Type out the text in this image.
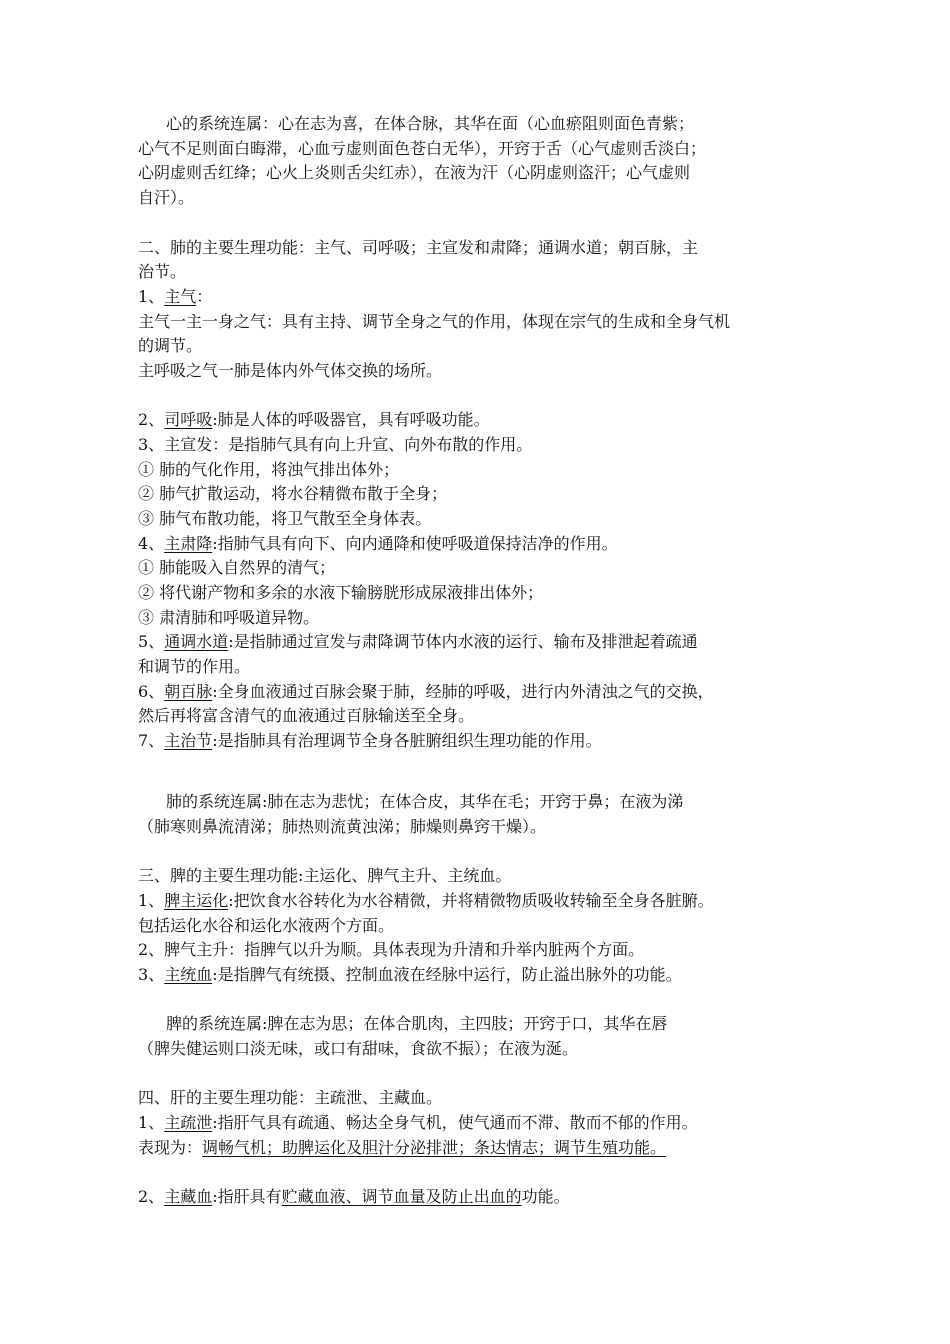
心的系统连属：心在志为喜，在体合脉，其华在面（心血瘀阻则面色青紫；
心气不足则面白晦滞，心血亏虚则面色苍白无华），开窍于舌（心气虚则舌淡白；
心阴虚则舌红绛；心火上炎则舌尖红赤），在液为汗（心阴虚则盗汗；心气虚则
自汗）。
二、肺的主要生理功能：主气、司呼吸；主宣发和肃降；通调水道；朝百脉，主
治节。
1、主气：
主气一主一身之气：具有主持、调节全身之气的作用，体现在宗气的生成和全身气机
的调节。
主呼吸之气一肺是体内外气体交换的场所。
2、司呼吸:肺是人体的呼吸器官，具有呼吸功能。
3、主宣发：是指肺气具有向上升宣、向外布散的作用。
① 肺的气化作用，将浊气排出体外；
② 肺气扩散运动，将水谷精微布散于全身；
③ 肺气布散功能，将卫气散至全身体表。
4、主肃降:指肺气具有向下、向内通降和使呼吸道保持洁净的作用。
① 肺能吸入自然界的清气；
② 将代谢产物和多余的水液下输膀胱形成尿液排出体外；
③ 肃清肺和呼吸道异物。
5、通调水道:是指肺通过宣发与肃降调节体内水液的运行、输布及排泄起着疏通
和调节的作用。
6、朝百脉:全身血液通过百脉会聚于肺，经肺的呼吸，进行内外清浊之气的交换，
然后再将富含清气的血液通过百脉输送至全身。
7、主治节:是指肺具有治理调节全身各脏腑组织生理功能的作用。
肺的系统连属:肺在志为悲忧；在体合皮，其华在毛；开窍于鼻；在液为涕
（肺寒则鼻流清涕；肺热则流黄浊涕；肺燥则鼻窍干燥）。
三、脾的主要生理功能:主运化、脾气主升、主统血。
1、脾主运化:把饮食水谷转化为水谷精微，并将精微物质吸收转输至全身各脏腑。
包括运化水谷和运化水液两个方面。
2、脾气主升：指脾气以升为顺。具体表现为升清和升举内脏两个方面。
3、主统血:是指脾气有统摄、控制血液在经脉中运行，防止溢出脉外的功能。
脾的系统连属:脾在志为思；在体合肌肉，主四肢；开窍于口，其华在唇
（脾失健运则口淡无味，或口有甜味，食欲不振）；在液为涎。
四、肝的主要生理功能：主疏泄、主藏血。
1、主疏泄:指肝气具有疏通、畅达全身气机，使气通而不滞、散而不郁的作用。
表现为：调畅气机；助脾运化及胆汁分泌排泄；条达情志；调节生殖功能。
2、主藏血:指肝具有贮藏血液、调节血量及防止出血的功能。
